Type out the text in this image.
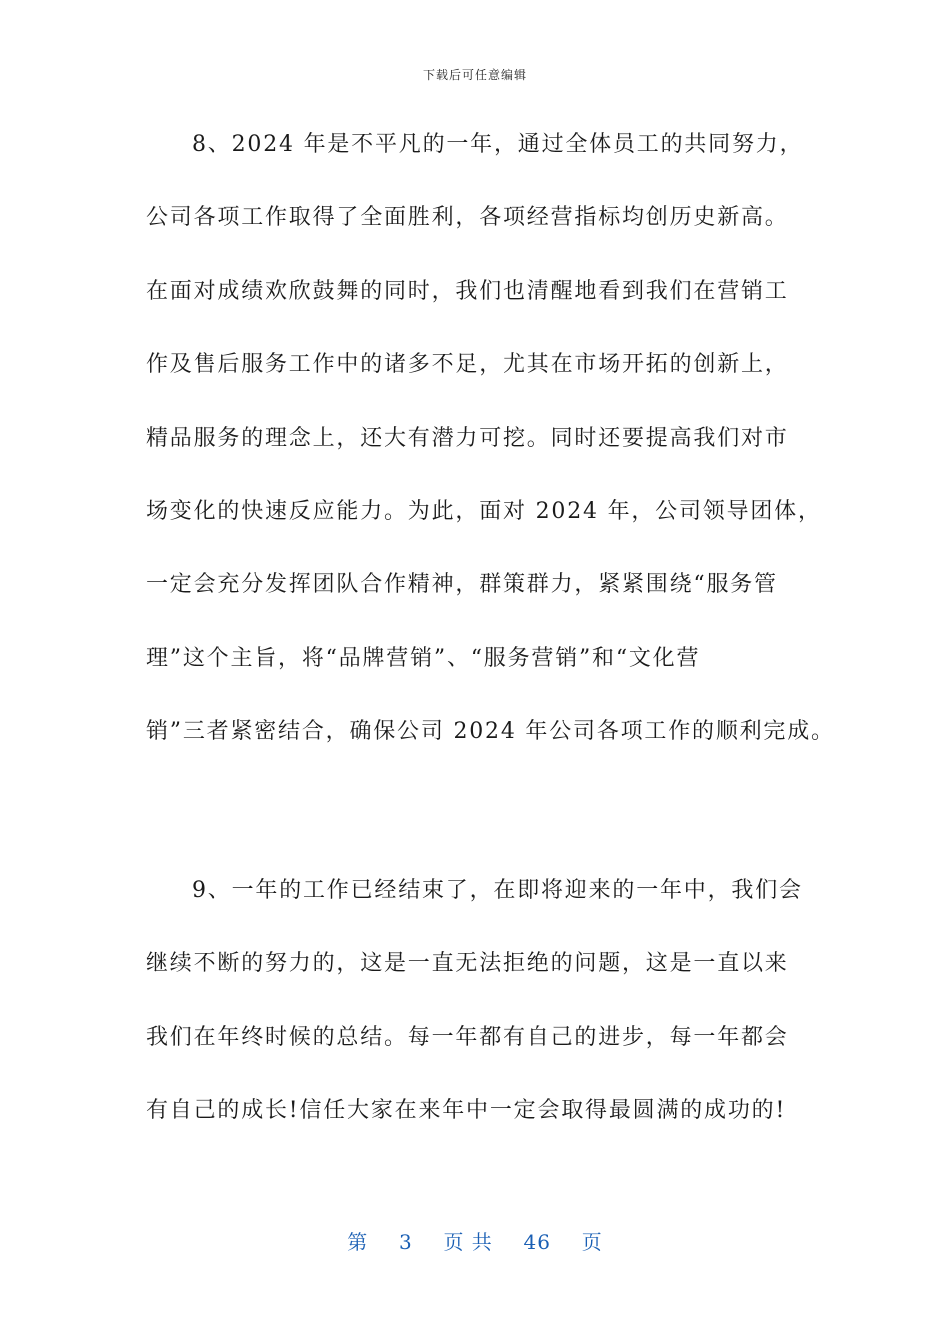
下载后可任意编辑
8、2024 年是不平凡的一年，通过全体员工的共同努力，
公司各项工作取得了全面胜利，各项经营指标均创历史新高。
在面对成绩欢欣鼓舞的同时，我们也清醒地看到我们在营销工
作及售后服务工作中的诸多不足，尤其在市场开拓的创新上，
精品服务的理念上，还大有潜力可挖。同时还要提高我们对市
场变化的快速反应能力。为此，面对 2024 年，公司领导团体，
一定会充分发挥团队合作精神，群策群力，紧紧围绕“服务管
理”这个主旨，将“品牌营销”、“服务营销”和“文化营
销”三者紧密结合，确保公司 2024 年公司各项工作的顺利完成。
9、一年的工作已经结束了，在即将迎来的一年中，我们会
继续不断的努力的，这是一直无法拒绝的问题，这是一直以来
我们在年终时候的总结。每一年都有自己的进步，每一年都会
有自己的成长!信任大家在来年中一定会取得最圆满的成功的!
第 3 页 共 46 页
